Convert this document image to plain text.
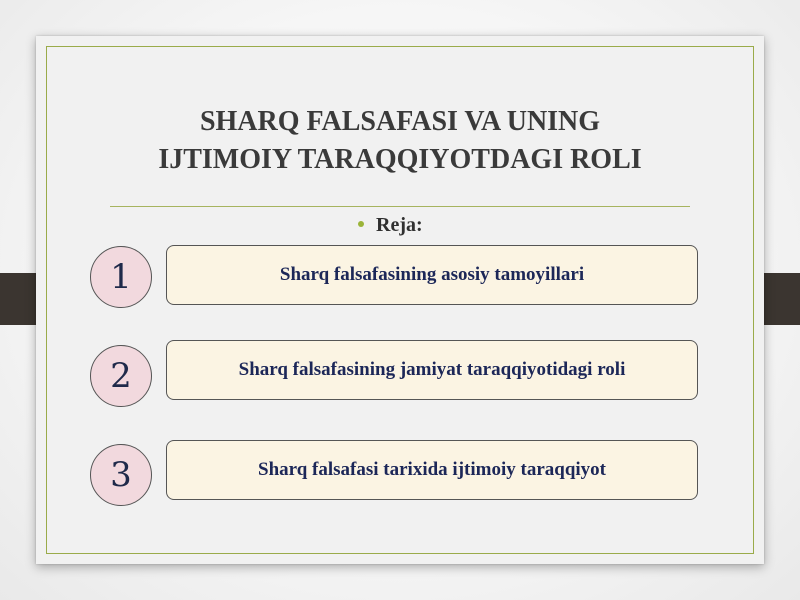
SHARQ FALSAFASI VA UNING
IJTIMOIY TARAQQIYOTDAGI ROLI
Reja:
1	Sharq falsafasining asosiy tamoyillari
2	Sharq falsafasining jamiyat taraqqiyotidagi roli
3	Sharq falsafasi tarixida ijtimoiy taraqqiyot
